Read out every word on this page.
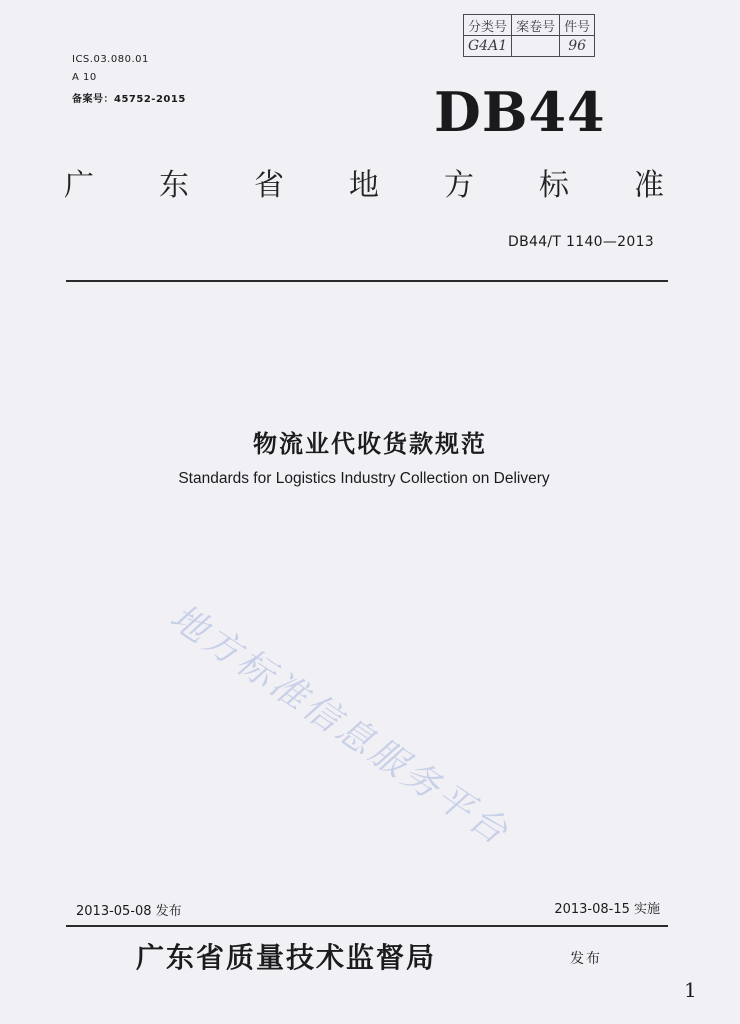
分类号	案卷号	件号
G4A1		96
ICS.03.080.01
A 10
备案号：45752-2015	DB44
广 东 省 地 方 标 准
DB44/T 1140—2013
物流业代收货款规范
Standards for Logistics Industry Collection on Delivery
地方标准信息服务平台
2013-05-08 发布	2013-08-15 实施
广东省质量技术监督局	发布
1
